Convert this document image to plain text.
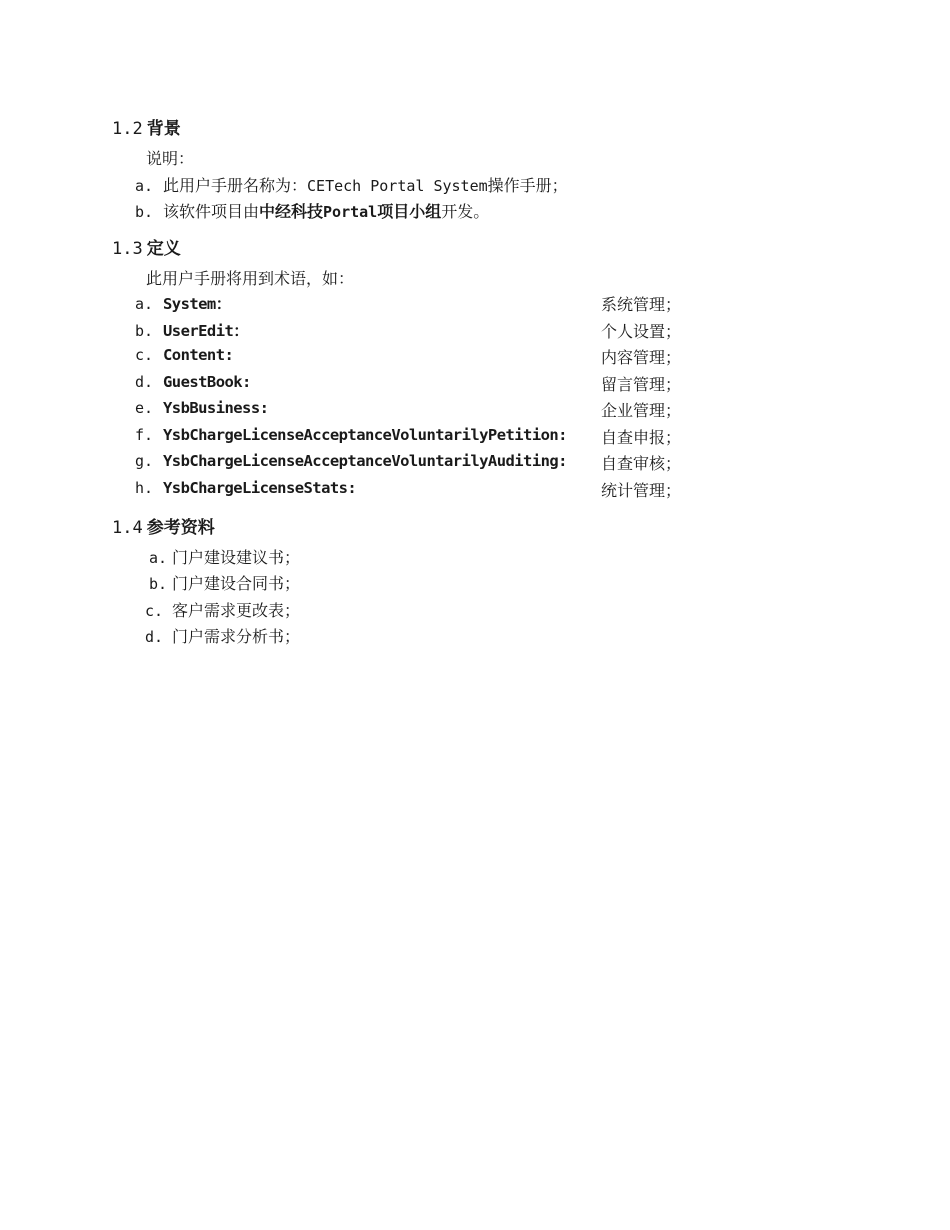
1.2 背景
说明：
a. 此用户手册名称为：CETech Portal System操作手册；
b. 该软件项目由中经科技Portal项目小组开发。
1.3 定义
此用户手册将用到术语，如：
a. System：	系统管理；
b. UserEdit：	个人设置；
c. Content:	内容管理；
d. GuestBook:	留言管理；
e. YsbBusiness:	企业管理；
f. YsbChargeLicenseAcceptanceVoluntarilyPetition: 自查申报；
g. YsbChargeLicenseAcceptanceVoluntarilyAuditing: 自查审核；
h. YsbChargeLicenseStats:	统计管理；
1.4 参考资料
a. 门户建设建议书；
b. 门户建设合同书；
c. 客户需求更改表；
d. 门户需求分析书；
